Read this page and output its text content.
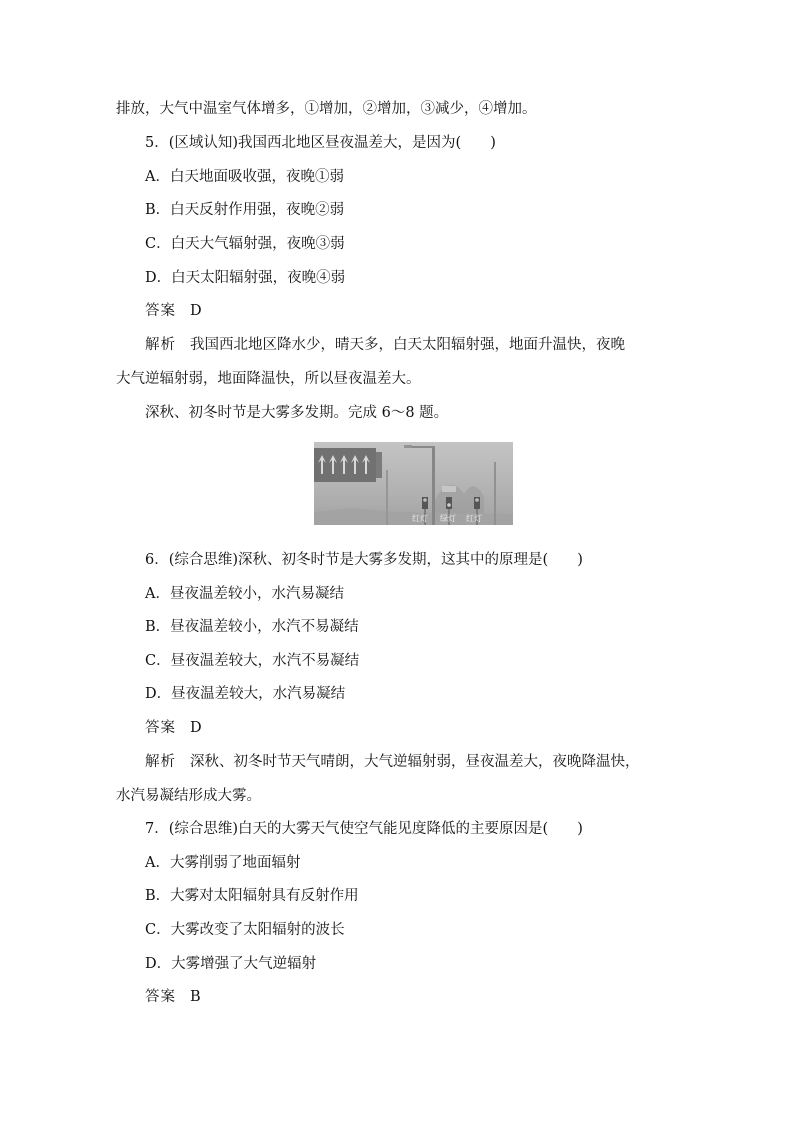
排放，大气中温室气体增多，①增加，②增加，③减少，④增加。
5．(区域认知)我国西北地区昼夜温差大，是因为(　　)
A．白天地面吸收强，夜晚①弱
B．白天反射作用强，夜晚②弱
C．白天大气辐射强，夜晚③弱
D．白天太阳辐射强，夜晚④弱
答案 D
解析 我国西北地区降水少，晴天多，白天太阳辐射强，地面升温快，夜晚
大气逆辐射弱，地面降温快，所以昼夜温差大。
深秋、初冬时节是大雾多发期。完成 6～8 题。
红灯 绿灯 红灯
6．(综合思维)深秋、初冬时节是大雾多发期，这其中的原理是(　　)
A．昼夜温差较小，水汽易凝结
B．昼夜温差较小，水汽不易凝结
C．昼夜温差较大，水汽不易凝结
D．昼夜温差较大，水汽易凝结
答案 D
解析 深秋、初冬时节天气晴朗，大气逆辐射弱，昼夜温差大，夜晚降温快，
水汽易凝结形成大雾。
7．(综合思维)白天的大雾天气使空气能见度降低的主要原因是(　　)
A．大雾削弱了地面辐射
B．大雾对太阳辐射具有反射作用
C．大雾改变了太阳辐射的波长
D．大雾增强了大气逆辐射
答案 B
